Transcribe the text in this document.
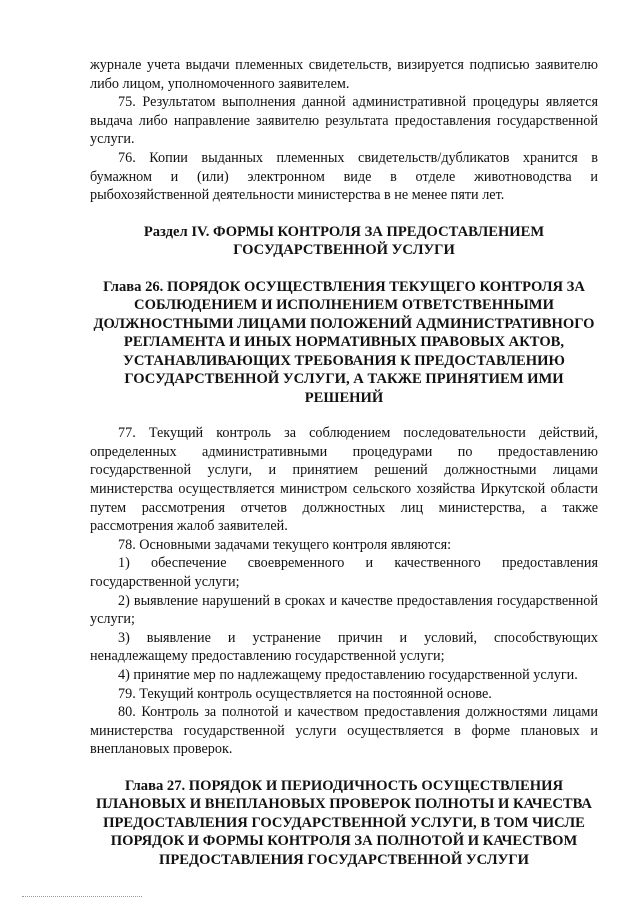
журнале учета выдачи племенных свидетельств, визируется подписью заявителю либо лицом, уполномоченного заявителем.

75. Результатом выполнения данной административной процедуры является выдача либо направление заявителю результата предоставления государственной услуги.

76. Копии выданных племенных свидетельств/дубликатов хранится в бумажном и (или) электронном виде в отделе животноводства и рыбохозяйственной деятельности министерства в не менее пяти лет.

Раздел IV. ФОРМЫ КОНТРОЛЯ ЗА ПРЕДОСТАВЛЕНИЕМ ГОСУДАРСТВЕННОЙ УСЛУГИ
Глава 26. ПОРЯДОК ОСУЩЕСТВЛЕНИЯ ТЕКУЩЕГО КОНТРОЛЯ ЗА СОБЛЮДЕНИЕМ И ИСПОЛНЕНИЕМ ОТВЕТСТВЕННЫМИ ДОЛЖНОСТНЫМИ ЛИЦАМИ ПОЛОЖЕНИЙ АДМИНИСТРАТИВНОГО РЕГЛАМЕНТА И ИНЫХ НОРМАТИВНЫХ ПРАВОВЫХ АКТОВ, УСТАНАВЛИВАЮЩИХ ТРЕБОВАНИЯ К ПРЕДОСТАВЛЕНИЮ ГОСУДАРСТВЕННОЙ УСЛУГИ, А ТАКЖЕ ПРИНЯТИЕМ ИМИ РЕШЕНИЙ

77. Текущий контроль за соблюдением последовательности действий, определенных административными процедурами по предоставлению государственной услуги, и принятием решений должностными лицами министерства осуществляется министром сельского хозяйства Иркутской области путем рассмотрения отчетов должностных лиц министерства, а также рассмотрения жалоб заявителей.

78. Основными задачами текущего контроля являются:

1) обеспечение своевременного и качественного предоставления государственной услуги;

2) выявление нарушений в сроках и качестве предоставления государственной услуги;

3) выявление и устранение причин и условий, способствующих ненадлежащему предоставлению государственной услуги;

4) принятие мер по надлежащему предоставлению государственной услуги.

79. Текущий контроль осуществляется на постоянной основе.

80. Контроль за полнотой и качеством предоставления должностями лицами министерства государственной услуги осуществляется в форме плановых и внеплановых проверок.

Глава 27. ПОРЯДОК И ПЕРИОДИЧНОСТЬ ОСУЩЕСТВЛЕНИЯ ПЛАНОВЫХ И ВНЕПЛАНОВЫХ ПРОВЕРОК ПОЛНОТЫ И КАЧЕСТВА ПРЕДОСТАВЛЕНИЯ ГОСУДАРСТВЕННОЙ УСЛУГИ, В ТОМ ЧИСЛЕ ПОРЯДОК И ФОРМЫ КОНТРОЛЯ ЗА ПОЛНОТОЙ И КАЧЕСТВОМ ПРЕДОСТАВЛЕНИЯ ГОСУДАРСТВЕННОЙ УСЛУГИ
